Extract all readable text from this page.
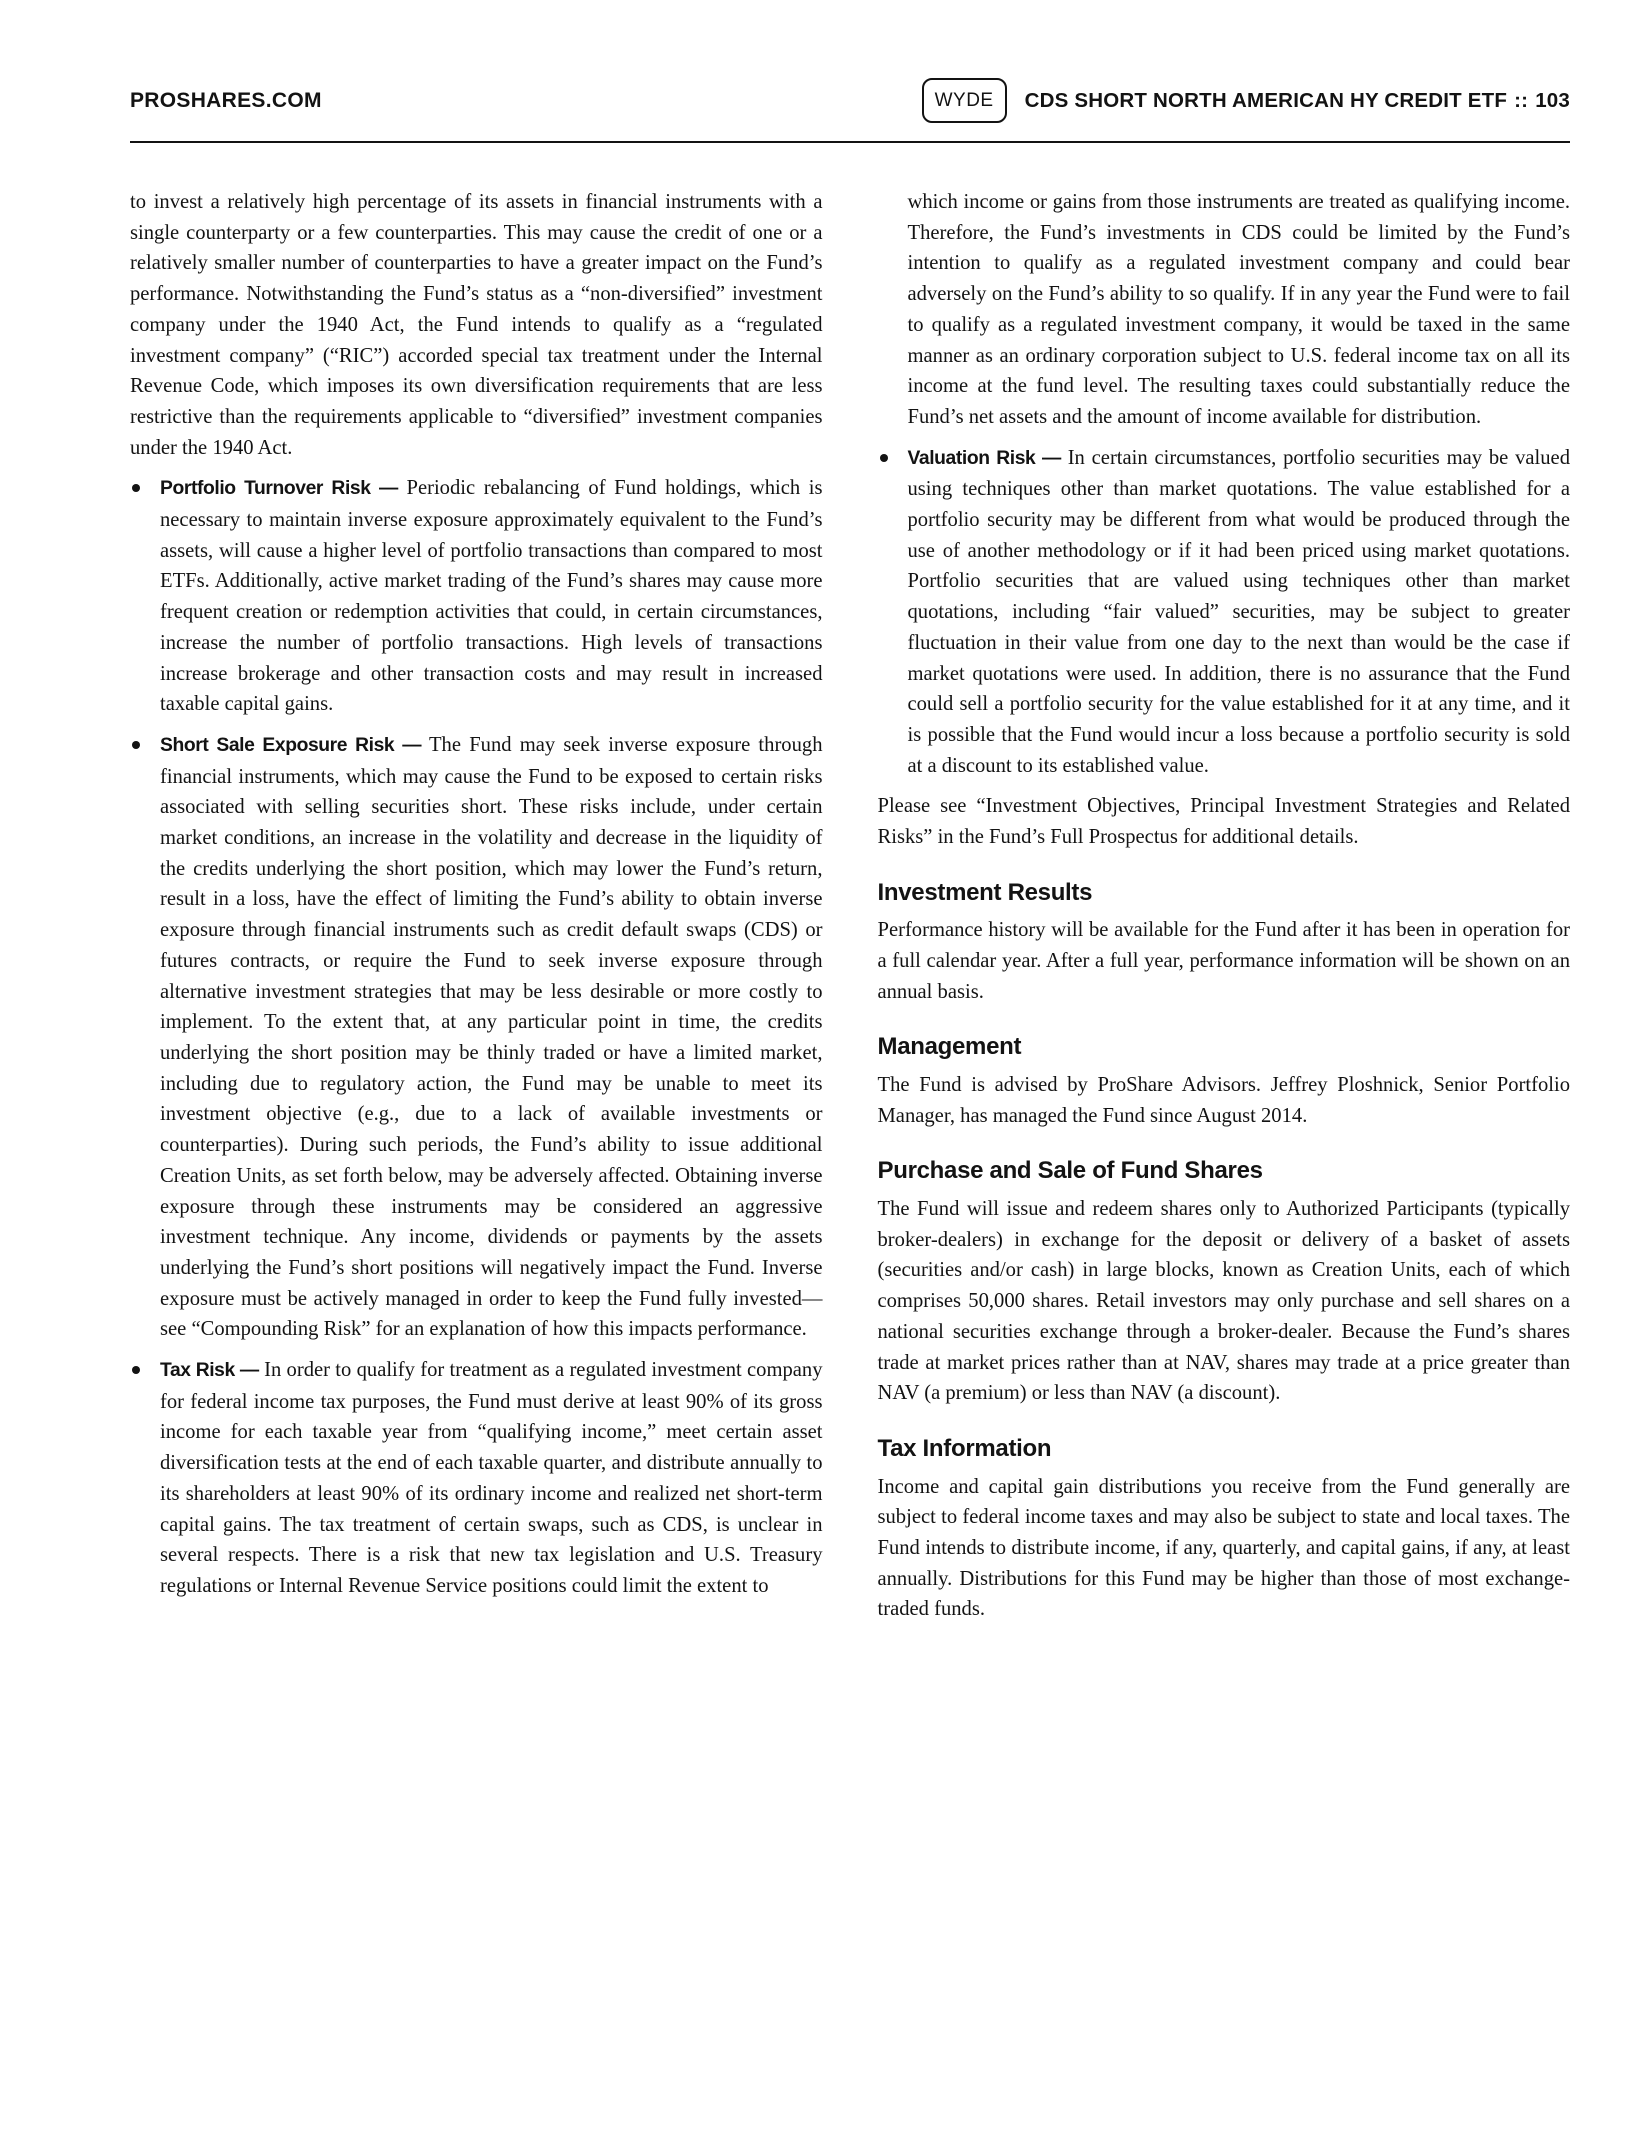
PROSHARES.COM	WYDE	CDS SHORT NORTH AMERICAN HY CREDIT ETF :: 103

to invest a relatively high percentage of its assets in financial instruments with a single counterparty or a few counterparties. This may cause the credit of one or a relatively smaller number of counterparties to have a greater impact on the Fund’s performance. Notwithstanding the Fund’s status as a “non-diversified” investment company under the 1940 Act, the Fund intends to qualify as a “regulated investment company” (“RIC”) accorded special tax treatment under the Internal Revenue Code, which imposes its own diversification requirements that are less restrictive than the requirements applicable to “diversified” investment companies under the 1940 Act.

Portfolio Turnover Risk — Periodic rebalancing of Fund holdings, which is necessary to maintain inverse exposure approximately equivalent to the Fund’s assets, will cause a higher level of portfolio transactions than compared to most ETFs. Additionally, active market trading of the Fund’s shares may cause more frequent creation or redemption activities that could, in certain circumstances, increase the number of portfolio transactions. High levels of transactions increase brokerage and other transaction costs and may result in increased taxable capital gains.

Short Sale Exposure Risk — The Fund may seek inverse exposure through financial instruments, which may cause the Fund to be exposed to certain risks associated with selling securities short. These risks include, under certain market conditions, an increase in the volatility and decrease in the liquidity of the credits underlying the short position, which may lower the Fund’s return, result in a loss, have the effect of limiting the Fund’s ability to obtain inverse exposure through financial instruments such as credit default swaps (CDS) or futures contracts, or require the Fund to seek inverse exposure through alternative investment strategies that may be less desirable or more costly to implement. To the extent that, at any particular point in time, the credits underlying the short position may be thinly traded or have a limited market, including due to regulatory action, the Fund may be unable to meet its investment objective (e.g., due to a lack of available investments or counterparties). During such periods, the Fund’s ability to issue additional Creation Units, as set forth below, may be adversely affected. Obtaining inverse exposure through these instruments may be considered an aggressive investment technique. Any income, dividends or payments by the assets underlying the Fund’s short positions will negatively impact the Fund. Inverse exposure must be actively managed in order to keep the Fund fully invested—see “Compounding Risk” for an explanation of how this impacts performance.

Tax Risk — In order to qualify for treatment as a regulated investment company for federal income tax purposes, the Fund must derive at least 90% of its gross income for each taxable year from “qualifying income,” meet certain asset diversification tests at the end of each taxable quarter, and distribute annually to its shareholders at least 90% of its ordinary income and realized net short-term capital gains. The tax treatment of certain swaps, such as CDS, is unclear in several respects. There is a risk that new tax legislation and U.S. Treasury regulations or Internal Revenue Service positions could limit the extent to

which income or gains from those instruments are treated as qualifying income. Therefore, the Fund’s investments in CDS could be limited by the Fund’s intention to qualify as a regulated investment company and could bear adversely on the Fund’s ability to so qualify. If in any year the Fund were to fail to qualify as a regulated investment company, it would be taxed in the same manner as an ordinary corporation subject to U.S. federal income tax on all its income at the fund level. The resulting taxes could substantially reduce the Fund’s net assets and the amount of income available for distribution.

Valuation Risk — In certain circumstances, portfolio securities may be valued using techniques other than market quotations. The value established for a portfolio security may be different from what would be produced through the use of another methodology or if it had been priced using market quotations. Portfolio securities that are valued using techniques other than market quotations, including “fair valued” securities, may be subject to greater fluctuation in their value from one day to the next than would be the case if market quotations were used. In addition, there is no assurance that the Fund could sell a portfolio security for the value established for it at any time, and it is possible that the Fund would incur a loss because a portfolio security is sold at a discount to its established value.

Please see “Investment Objectives, Principal Investment Strategies and Related Risks” in the Fund’s Full Prospectus for additional details.

Investment Results

Performance history will be available for the Fund after it has been in operation for a full calendar year. After a full year, performance information will be shown on an annual basis.

Management

The Fund is advised by ProShare Advisors. Jeffrey Ploshnick, Senior Portfolio Manager, has managed the Fund since August 2014.

Purchase and Sale of Fund Shares

The Fund will issue and redeem shares only to Authorized Participants (typically broker-dealers) in exchange for the deposit or delivery of a basket of assets (securities and/or cash) in large blocks, known as Creation Units, each of which comprises 50,000 shares. Retail investors may only purchase and sell shares on a national securities exchange through a broker-dealer. Because the Fund’s shares trade at market prices rather than at NAV, shares may trade at a price greater than NAV (a premium) or less than NAV (a discount).

Tax Information

Income and capital gain distributions you receive from the Fund generally are subject to federal income taxes and may also be subject to state and local taxes. The Fund intends to distribute income, if any, quarterly, and capital gains, if any, at least annually. Distributions for this Fund may be higher than those of most exchange-traded funds.
